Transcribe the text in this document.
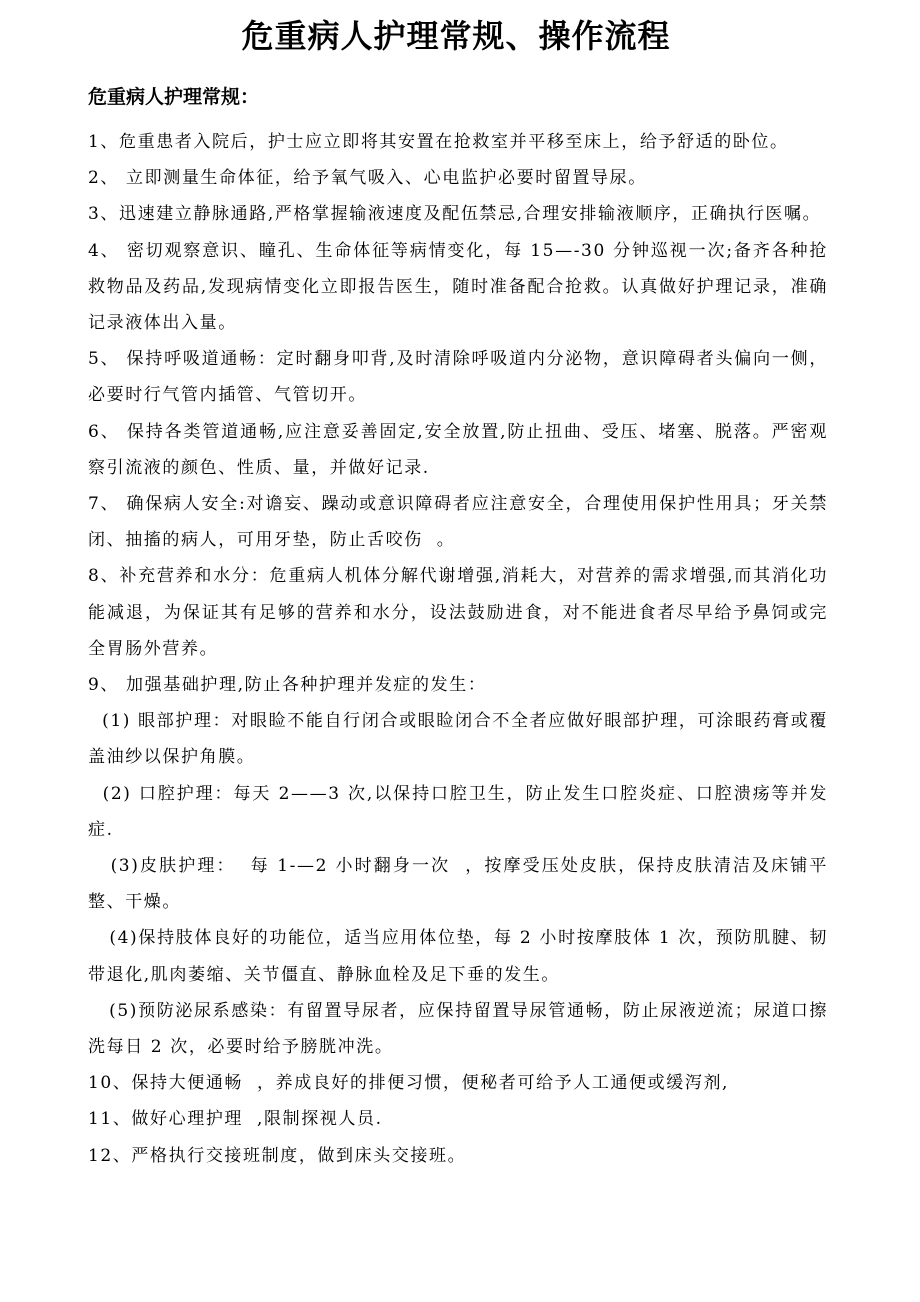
危重病人护理常规、操作流程
危重病人护理常规：

1、危重患者入院后，护士应立即将其安置在抢救室并平移至床上，给予舒适的卧位。

2、 立即测量生命体征，给予氧气吸入、心电监护必要时留置导尿。

3、迅速建立静脉通路,严格掌握输液速度及配伍禁忌,合理安排输液顺序，正确执行医嘱。

4、 密切观察意识、瞳孔、生命体征等病情变化，每 15—-30 分钟巡视一次;备齐各种抢救物品及药品,发现病情变化立即报告医生，随时准备配合抢救。认真做好护理记录，准确记录液体出入量。

5、 保持呼吸道通畅：定时翻身叩背,及时清除呼吸道内分泌物，意识障碍者头偏向一侧，必要时行气管内插管、气管切开。

6、 保持各类管道通畅,应注意妥善固定,安全放置,防止扭曲、受压、堵塞、脱落。严密观察引流液的颜色、性质、量，并做好记录.

7、 确保病人安全:对谵妄、躁动或意识障碍者应注意安全，合理使用保护性用具；牙关禁闭、抽搐的病人，可用牙垫，防止舌咬伤  。

8、补充营养和水分：危重病人机体分解代谢增强,消耗大，对营养的需求增强,而其消化功能减退，为保证其有足够的营养和水分，设法鼓励进食，对不能进食者尽早给予鼻饲或完全胃肠外营养。

9、 加强基础护理,防止各种护理并发症的发生：

(1) 眼部护理：对眼睑不能自行闭合或眼睑闭合不全者应做好眼部护理，可涂眼药膏或覆盖油纱以保护角膜。

(2) 口腔护理：每天 2——3 次,以保持口腔卫生，防止发生口腔炎症、口腔溃疡等并发症.

(3)皮肤护理：  每 1-—2 小时翻身一次  ，按摩受压处皮肤，保持皮肤清洁及床铺平整、干燥。

(4)保持肢体良好的功能位，适当应用体位垫，每 2 小时按摩肢体 1 次，预防肌腱、韧带退化,肌肉萎缩、关节僵直、静脉血栓及足下垂的发生。

(5)预防泌尿系感染：有留置导尿者，应保持留置导尿管通畅，防止尿液逆流；尿道口擦洗每日 2 次，必要时给予膀胱冲洗。

10、保持大便通畅  ，养成良好的排便习惯，便秘者可给予人工通便或缓泻剂,

11、做好心理护理  ,限制探视人员.

12、严格执行交接班制度，做到床头交接班。
